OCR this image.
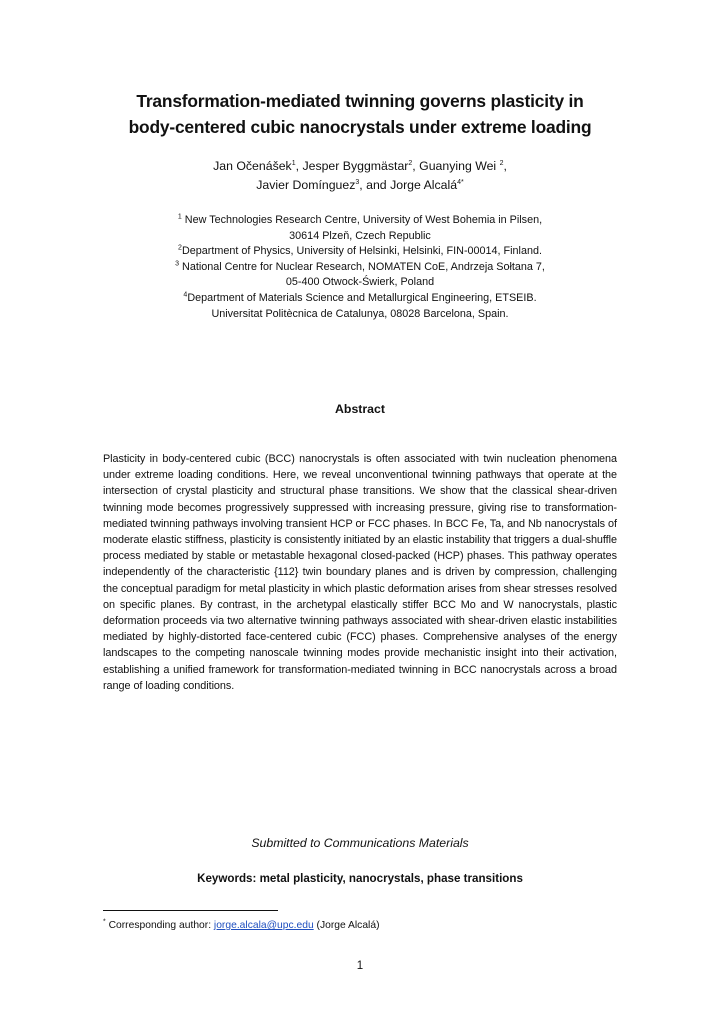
Transformation-mediated twinning governs plasticity in
body-centered cubic nanocrystals under extreme loading
Jan Očenášek$^1$, Jesper Byggmästar$^2$, Guanying Wei $^2$,
Javier Domínguez$^3$, and Jorge Alcalá$^{4*}$
$^1$ New Technologies Research Centre, University of West Bohemia in Pilsen,
30614 Plzeň, Czech Republic
$^2$Department of Physics, University of Helsinki, Helsinki, FIN-00014, Finland.
$^3$ National Centre for Nuclear Research, NOMATEN CoE, Andrzeja Sołtana 7,
05-400 Otwock-Świerk, Poland
$^4$Department of Materials Science and Metallurgical Engineering, ETSEIB.
Universitat Politècnica de Catalunya, 08028 Barcelona, Spain.
Abstract

Plasticity in body-centered cubic (BCC) nanocrystals is often associated with twin nucleation phenomena under extreme loading conditions. Here, we reveal unconventional twinning pathways that operate at the intersection of crystal plasticity and structural phase transitions. We show that the classical shear-driven twinning mode becomes progressively suppressed with increasing pressure, giving rise to transformation-mediated twinning pathways involving transient HCP or FCC phases. In BCC Fe, Ta, and Nb nanocrystals of moderate elastic stiffness, plasticity is consistently initiated by an elastic instability that triggers a dual-shuffle process mediated by stable or metastable hexagonal closed-packed (HCP) phases. This pathway operates independently of the characteristic {112} twin boundary planes and is driven by compression, challenging the conceptual paradigm for metal plasticity in which plastic deformation arises from shear stresses resolved on specific planes. By contrast, in the archetypal elastically stiffer BCC Mo and W nanocrystals, plastic deformation proceeds via two alternative twinning pathways associated with shear-driven elastic instabilities mediated by highly-distorted face-centered cubic (FCC) phases. Comprehensive analyses of the energy landscapes to the competing nanoscale twinning modes provide mechanistic insight into their activation, establishing a unified framework for transformation-mediated twinning in BCC nanocrystals across a broad range of loading conditions.

Submitted to Communications Materials
Keywords: metal plasticity, nanocrystals, phase transitions
* Corresponding author: jorge.alcala@upc.edu (Jorge Alcalá)
1
